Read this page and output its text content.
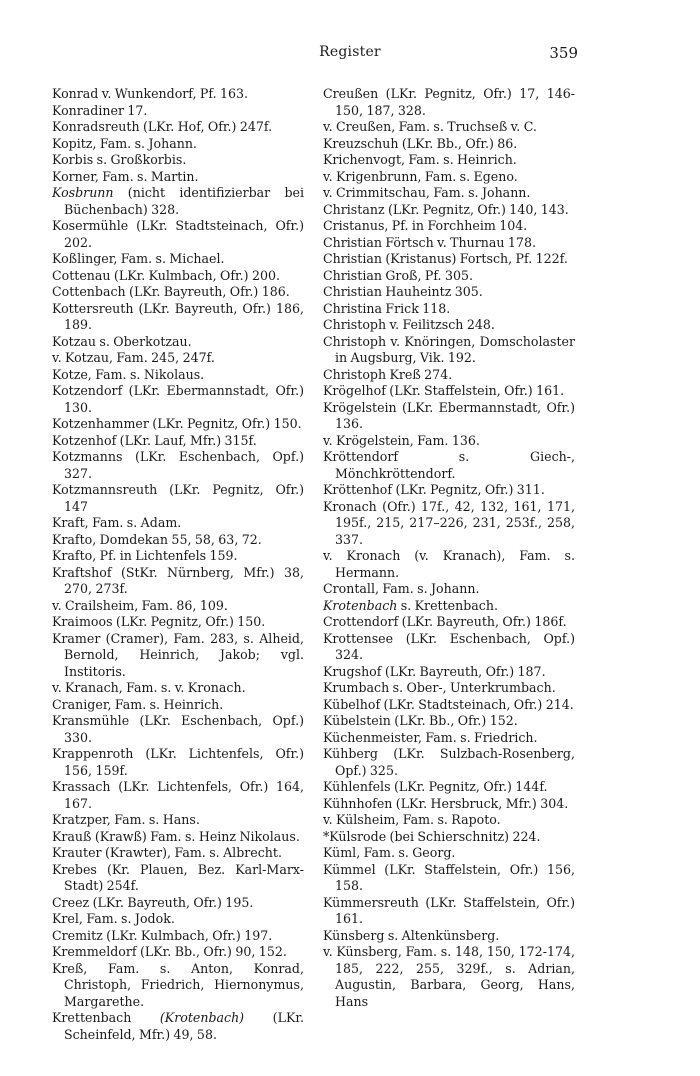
Register	359

Konrad v. Wunkendorf, Pf. 163.

Konradiner 17.

Konradsreuth (LKr. Hof, Ofr.) 247f.

Kopitz, Fam. s. Johann.

Korbis s. Großkorbis.

Korner, Fam. s. Martin.

Kosbrunn (nicht identifizierbar bei Büchenbach) 328.

Kosermühle (LKr. Stadtsteinach, Ofr.) 202.

Koßlinger, Fam. s. Michael.

Cottenau (LKr. Kulmbach, Ofr.) 200.

Cottenbach (LKr. Bayreuth, Ofr.) 186.

Kottersreuth (LKr. Bayreuth, Ofr.) 186, 189.

Kotzau s. Oberkotzau.

v. Kotzau, Fam. 245, 247f.

Kotze, Fam. s. Nikolaus.

Kotzendorf (LKr. Ebermannstadt, Ofr.) 130.

Kotzenhammer (LKr. Pegnitz, Ofr.) 150.

Kotzenhof (LKr. Lauf, Mfr.) 315f.

Kotzmanns (LKr. Eschenbach, Opf.) 327.

Kotzmannsreuth (LKr. Pegnitz, Ofr.) 147

Kraft, Fam. s. Adam.

Krafto, Domdekan 55, 58, 63, 72.

Krafto, Pf. in Lichtenfels 159.

Kraftshof (StKr. Nürnberg, Mfr.) 38, 270, 273f.

v. Crailsheim, Fam. 86, 109.

Kraimoos (LKr. Pegnitz, Ofr.) 150.

Kramer (Cramer), Fam. 283, s. Alheid, Bernold, Heinrich, Jakob; vgl. Institoris.

v. Kranach, Fam. s. v. Kronach.

Craniger, Fam. s. Heinrich.

Kransmühle (LKr. Eschenbach, Opf.) 330.

Krappenroth (LKr. Lichtenfels, Ofr.) 156, 159f.

Krassach (LKr. Lichtenfels, Ofr.) 164, 167.

Kratzper, Fam. s. Hans.

Krauß (Krawß) Fam. s. Heinz Nikolaus.

Krauter (Krawter), Fam. s. Albrecht.

Krebes (Kr. Plauen, Bez. Karl-Marx-Stadt) 254f.

Creez (LKr. Bayreuth, Ofr.) 195.

Krel, Fam. s. Jodok.

Cremitz (LKr. Kulmbach, Ofr.) 197.

Kremmeldorf (LKr. Bb., Ofr.) 90, 152.

Kreß, Fam. s. Anton, Konrad, Christoph, Friedrich, Hiernonymus, Margarethe.

Krettenbach (Krotenbach) (LKr. Scheinfeld, Mfr.) 49, 58.

Creußen (LKr. Pegnitz, Ofr.) 17, 146-150, 187, 328.

v. Creußen, Fam. s. Truchseß v. C.

Kreuzschuh (LKr. Bb., Ofr.) 86.

Krichenvogt, Fam. s. Heinrich.

v. Krigenbrunn, Fam. s. Egeno.

v. Crimmitschau, Fam. s. Johann.

Christanz (LKr. Pegnitz, Ofr.) 140, 143.

Cristanus, Pf. in Forchheim 104.

Christian Förtsch v. Thurnau 178.

Christian (Kristanus) Fortsch, Pf. 122f.

Christian Groß, Pf. 305.

Christian Hauheintz 305.

Christina Frick 118.

Christoph v. Feilitzsch 248.

Christoph v. Knöringen, Domscholaster in Augsburg, Vik. 192.

Christoph Kreß 274.

Krögelhof (LKr. Staffelstein, Ofr.) 161.

Krögelstein (LKr. Ebermannstadt, Ofr.) 136.

v. Krögelstein, Fam. 136.

Kröttendorf s. Giech-, Mönchkröttendorf.

Kröttenhof (LKr. Pegnitz, Ofr.) 311.

Kronach (Ofr.) 17f., 42, 132, 161, 171, 195f., 215, 217–226, 231, 253f., 258, 337.

v. Kronach (v. Kranach), Fam. s. Hermann.

Crontall, Fam. s. Johann.

Krotenbach s. Krettenbach.

Crottendorf (LKr. Bayreuth, Ofr.) 186f.

Krottensee (LKr. Eschenbach, Opf.) 324.

Krugshof (LKr. Bayreuth, Ofr.) 187.

Krumbach s. Ober-, Unterkrumbach.

Kübelhof (LKr. Stadtsteinach, Ofr.) 214.

Kübelstein (LKr. Bb., Ofr.) 152.

Küchenmeister, Fam. s. Friedrich.

Kühberg (LKr. Sulzbach-Rosenberg, Opf.) 325.

Kühlenfels (LKr. Pegnitz, Ofr.) 144f.

Kühnhofen (LKr. Hersbruck, Mfr.) 304.

v. Külsheim, Fam. s. Rapoto.

*Külsrode (bei Schierschnitz) 224.

Küml, Fam. s. Georg.

Kümmel (LKr. Staffelstein, Ofr.) 156, 158.

Kümmersreuth (LKr. Staffelstein, Ofr.) 161.

Künsberg s. Altenkünsberg.

v. Künsberg, Fam. s. 148, 150, 172-174, 185, 222, 255, 329f., s. Adrian, Augustin, Barbara, Georg, Hans, Hans
